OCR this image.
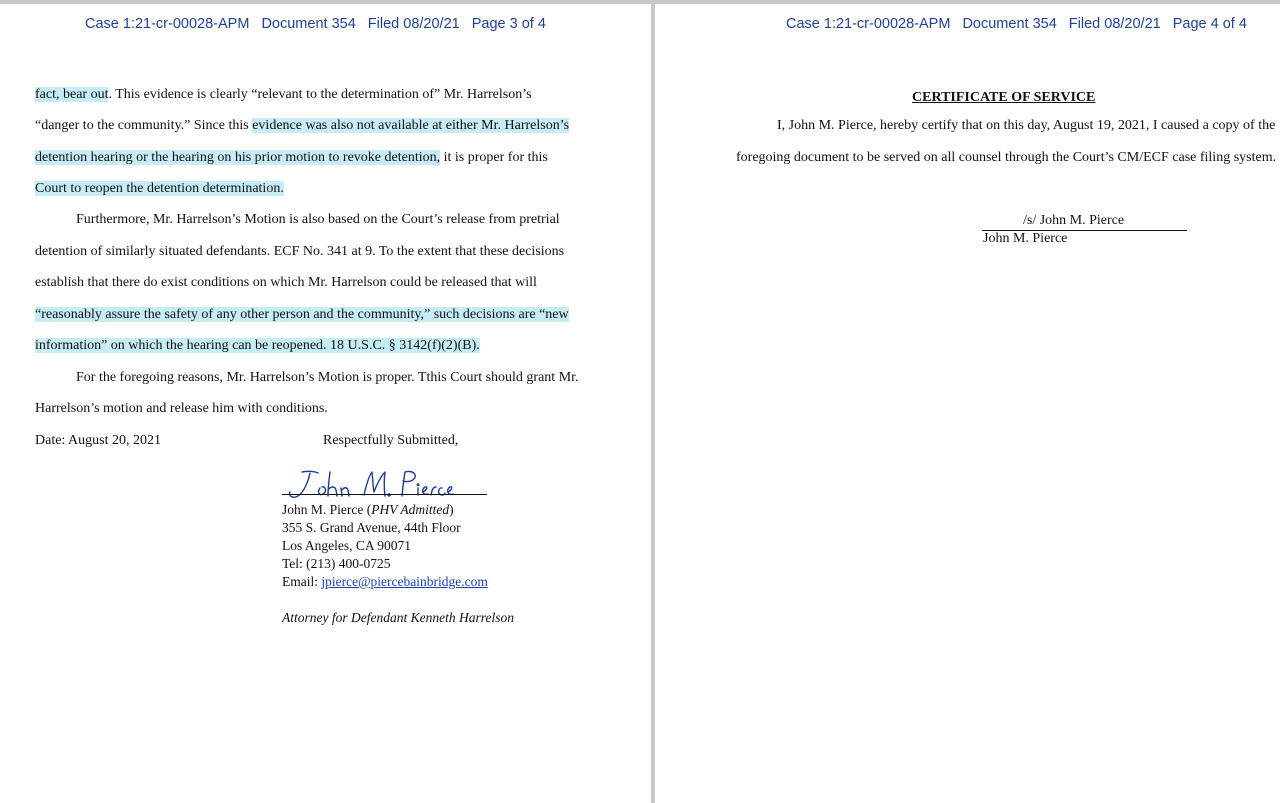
Case 1:21-cr-00028-APM Document 354 Filed 08/20/21 Page 3 of 4
fact, bear out. This evidence is clearly “relevant to the determination of” Mr. Harrelson’s
“danger to the community.” Since this evidence was also not available at either Mr. Harrelson’s
detention hearing or the hearing on his prior motion to revoke detention, it is proper for this
Court to reopen the detention determination.
Furthermore, Mr. Harrelson’s Motion is also based on the Court’s release from pretrial
detention of similarly situated defendants. ECF No. 341 at 9. To the extent that these decisions
establish that there do exist conditions on which Mr. Harrelson could be released that will
“reasonably assure the safety of any other person and the community,” such decisions are “new
information” on which the hearing can be reopened. 18 U.S.C. § 3142(f)(2)(B).
For the foregoing reasons, Mr. Harrelson’s Motion is proper. Tthis Court should grant Mr.
Harrelson’s motion and release him with conditions.
Date: August 20, 2021	Respectfully Submitted,
John M. Pierce (PHV Admitted)
355 S. Grand Avenue, 44th Floor
Los Angeles, CA 90071
Tel: (213) 400-0725
Email: jpierce@piercebainbridge.com
Attorney for Defendant Kenneth Harrelson
Case 1:21-cr-00028-APM Document 354 Filed 08/20/21 Page 4 of 4
CERTIFICATE OF SERVICE
I, John M. Pierce, hereby certify that on this day, August 19, 2021, I caused a copy of the
foregoing document to be served on all counsel through the Court’s CM/ECF case filing system.
/s/ John M. Pierce
John M. Pierce
